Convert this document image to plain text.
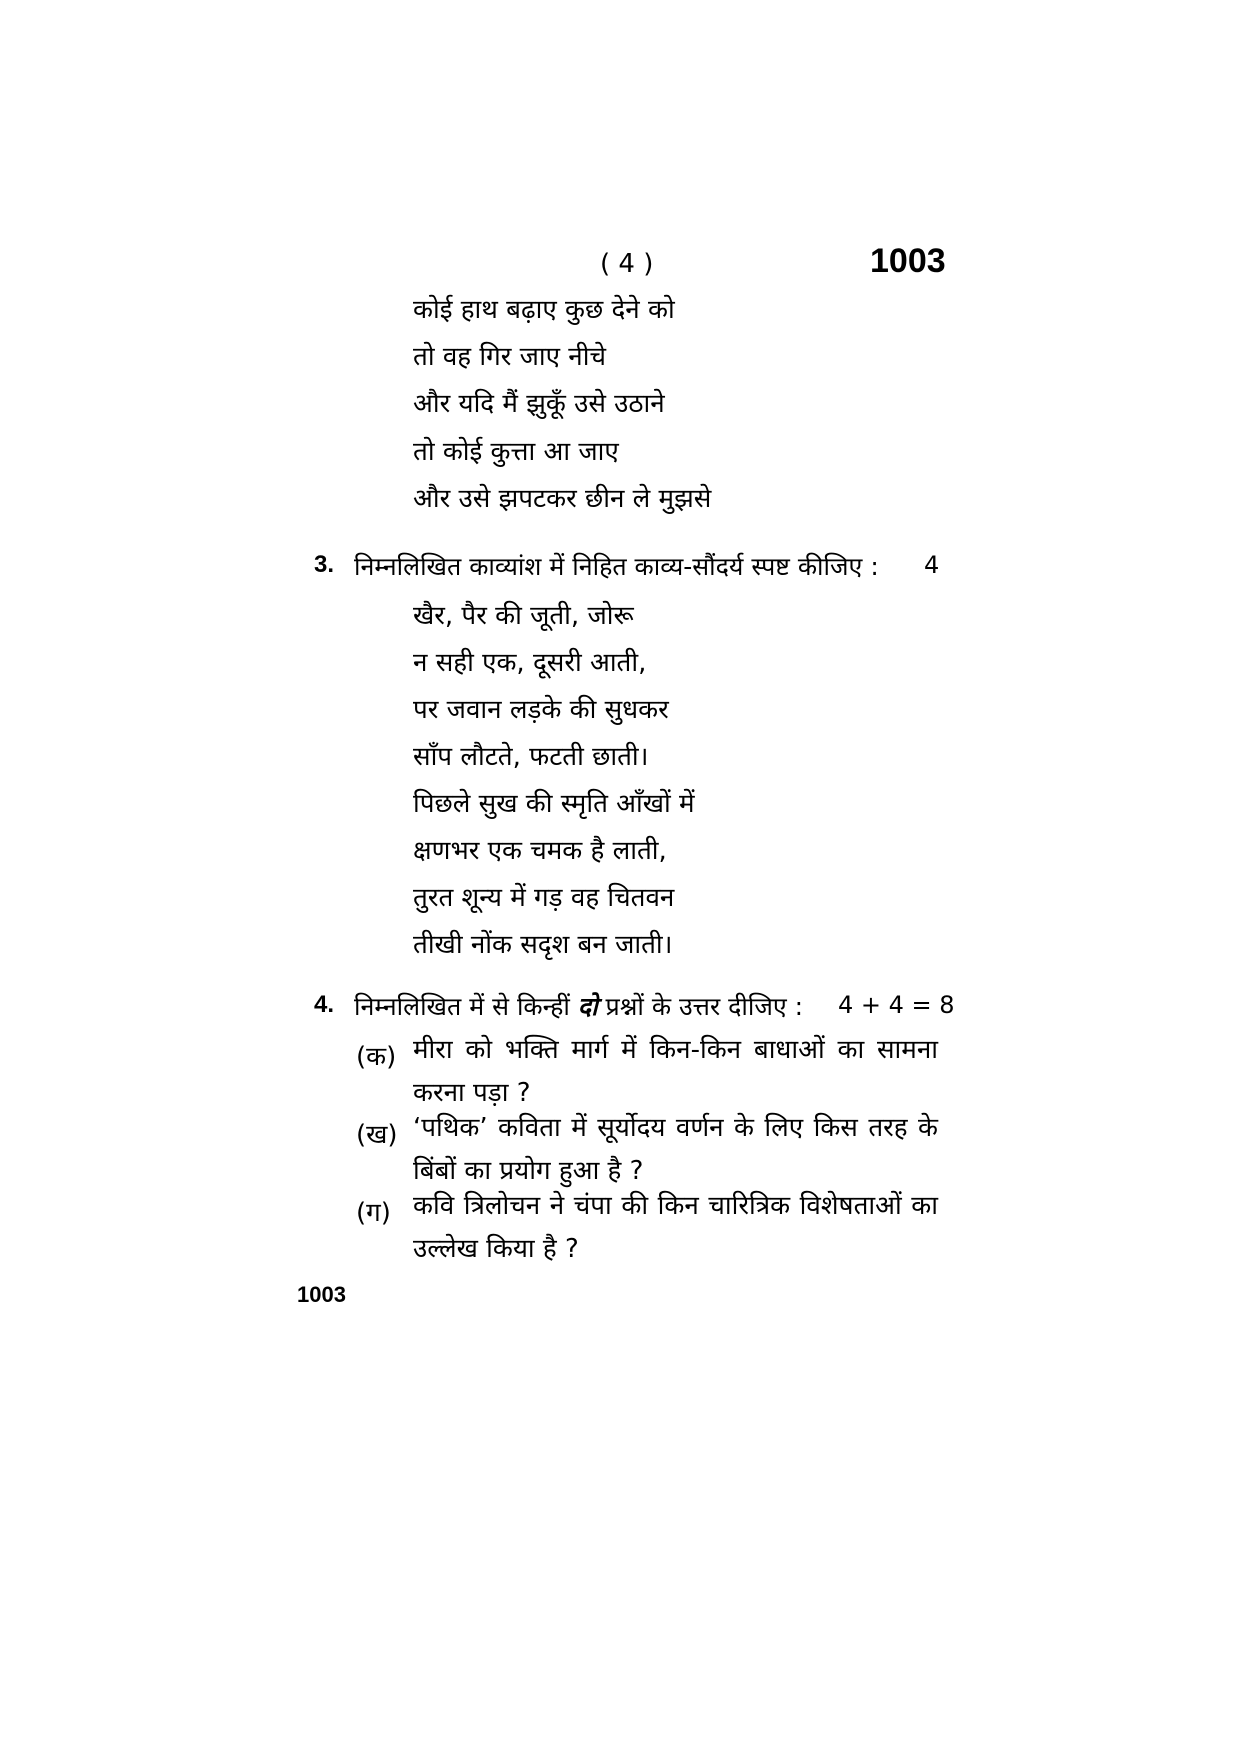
( 4 )	1003
कोई हाथ बढ़ाए कुछ देने को
तो वह गिर जाए नीचे
और यदि मैं झुकूँ उसे उठाने
तो कोई कुत्ता आ जाए
और उसे झपटकर छीन ले मुझसे
3. निम्नलिखित काव्यांश में निहित काव्य-सौंदर्य स्पष्ट कीजिए : 4
खैर, पैर की जूती, जोरू
न सही एक, दूसरी आती,
पर जवान लड़के की सुधकर
साँप लौटते, फटती छाती।
पिछले सुख की स्मृति आँखों में
क्षणभर एक चमक है लाती,
तुरत शून्य में गड़ वह चितवन
तीखी नोंक सदृश बन जाती।
4. निम्नलिखित में से किन्हीं दो प्रश्नों के उत्तर दीजिए : 4 + 4 = 8
(क) मीरा को भक्ति मार्ग में किन-किन बाधाओं का सामना
करना पड़ा ?
(ख) ‘पथिक’ कविता में सूर्योदय वर्णन के लिए किस तरह के
बिंबों का प्रयोग हुआ है ?
(ग) कवि त्रिलोचन ने चंपा की किन चारित्रिक विशेषताओं का
उल्लेख किया है ?
1003
